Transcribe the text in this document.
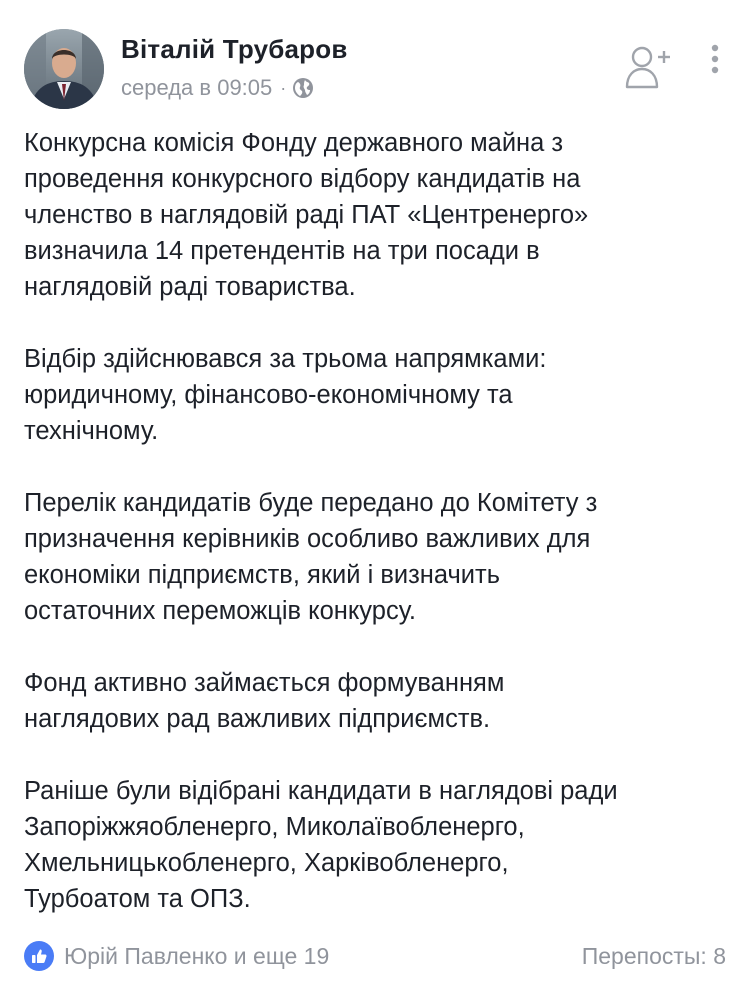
Віталій Трубаров
середа в 09:05 ·

Конкурсна комісія Фонду державного майна з
проведення конкурсного відбору кандидатів на
членство в наглядовій раді ПАТ «Центренерго»
визначила 14 претендентів на три посади в
наглядовій раді товариства.

Відбір здійснювався за трьома напрямками:
юридичному, фінансово-економічному та
технічному.

Перелік кандидатів буде передано до Комітету з
призначення керівників особливо важливих для
економіки підприємств, який і визначить
остаточних переможців конкурсу.

Фонд активно займається формуванням
наглядових рад важливих підприємств.

Раніше були відібрані кандидати в наглядові ради
Запоріжжяобленерго, Миколаївобленерго,
Хмельницькобленерго, Харківобленерго,
Турбоатом та ОПЗ.

Юрій Павленко и еще 19	Перепосты: 8
